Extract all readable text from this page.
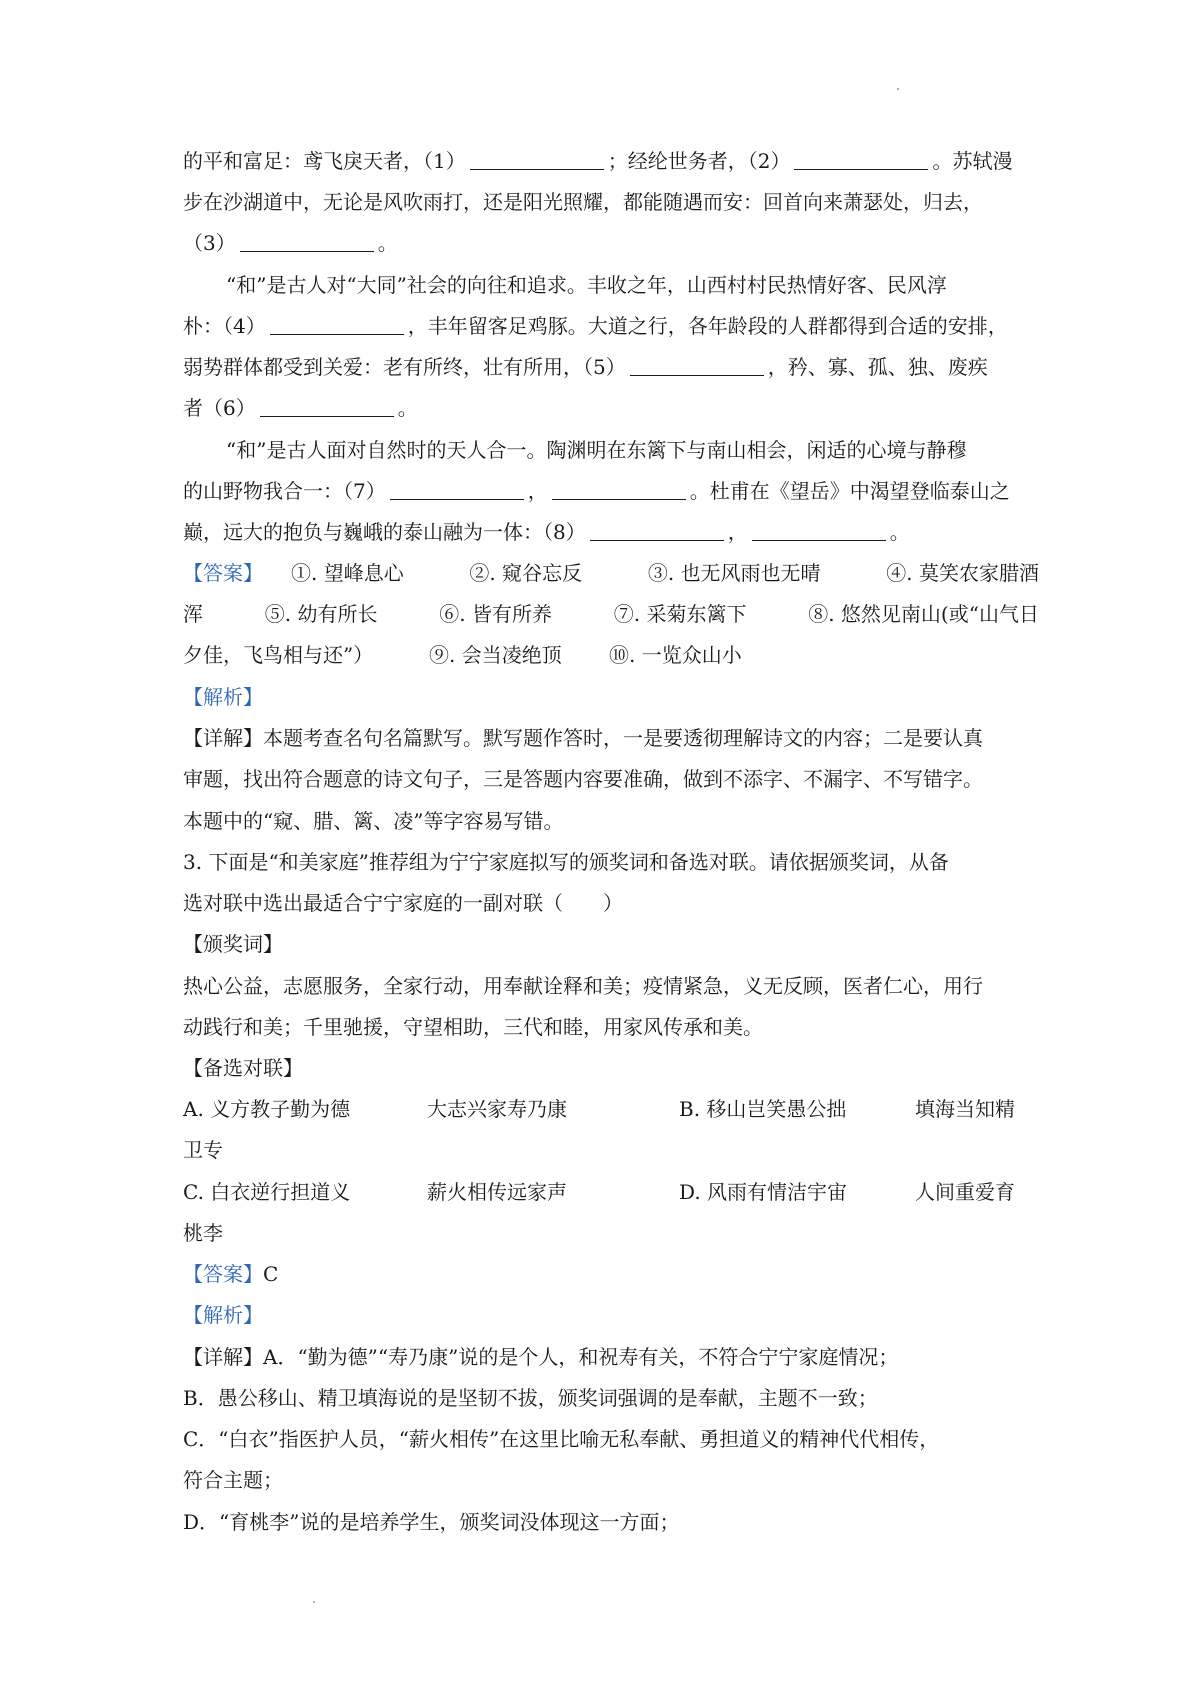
的平和富足：鸢飞戾天者，（1）	；经纶世务者，（2）	。苏轼漫
步在沙湖道中，无论是风吹雨打，还是阳光照耀，都能随遇而安：回首向来萧瑟处，归去，
（3）	。
“和”是古人对“大同”社会的向往和追求。丰收之年，山西村村民热情好客、民风淳
朴：（4）	，丰年留客足鸡豚。大道之行，各年龄段的人群都得到合适的安排，
弱势群体都受到关爱：老有所终，壮有所用，（5）	，矜、寡、孤、独、废疾
者（6）	。
“和”是古人面对自然时的天人合一。陶渊明在东篱下与南山相会，闲适的心境与静穆
的山野物我合一：（7）	，	。杜甫在《望岳》中渴望登临泰山之
巅，远大的抱负与巍峨的泰山融为一体：（8）	，	。
【答案】	①. 望峰息心	②. 窥谷忘反	③. 也无风雨也无晴	④. 莫笑农家腊酒
浑	⑤. 幼有所长	⑥. 皆有所养	⑦. 采菊东篱下	⑧. 悠然见南山(或“山气日
夕佳，飞鸟相与还”）	⑨. 会当凌绝顶 ⑩. 一览众山小
【解析】
【详解】本题考查名句名篇默写。默写题作答时，一是要透彻理解诗文的内容；二是要认真
审题，找出符合题意的诗文句子，三是答题内容要准确，做到不添字、不漏字、不写错字。
本题中的“窥、腊、篱、凌”等字容易写错。
3. 下面是“和美家庭”推荐组为宁宁家庭拟写的颁奖词和备选对联。请依据颁奖词，从备
选对联中选出最适合宁宁家庭的一副对联（　　）
【颁奖词】
热心公益，志愿服务，全家行动，用奉献诠释和美；疫情紧急，义无反顾，医者仁心，用行
动践行和美；千里驰援，守望相助，三代和睦，用家风传承和美。
【备选对联】
A. 义方教子勤为德	大志兴家寿乃康	B. 移山岂笑愚公拙	填海当知精
卫专
C. 白衣逆行担道义	薪火相传远家声	D. 风雨有情洁宇宙	人间重爱育
桃李
【答案】C
【解析】
【详解】A．“勤为德”“寿乃康”说的是个人，和祝寿有关，不符合宁宁家庭情况；
B．愚公移山、精卫填海说的是坚韧不拔，颁奖词强调的是奉献，主题不一致；
C．“白衣”指医护人员，“薪火相传”在这里比喻无私奉献、勇担道义的精神代代相传，
符合主题；
D．“育桃李”说的是培养学生，颁奖词没体现这一方面；
